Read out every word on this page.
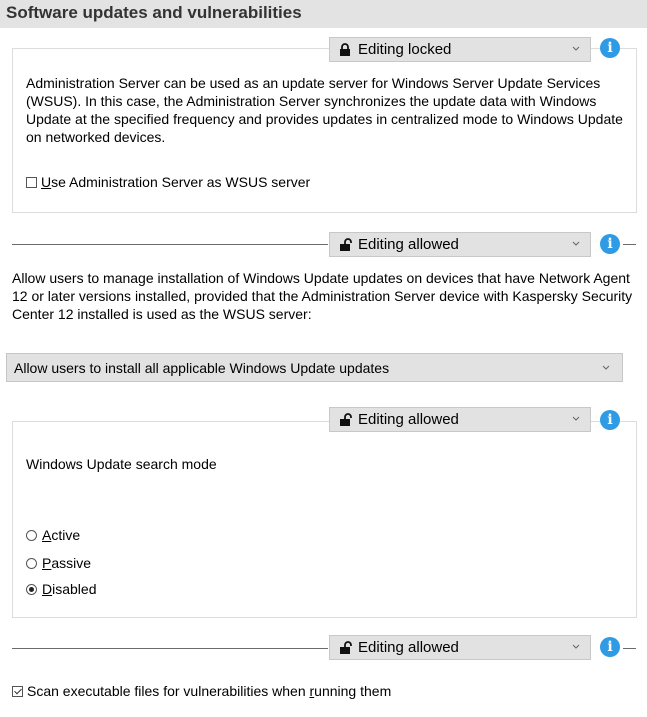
Software updates and vulnerabilities
Editing locked	i
Administration Server can be used as an update server for Windows Server Update Services (WSUS). In this case, the Administration Server synchronizes the update data with Windows Update at the specified frequency and provides updates in centralized mode to Windows Update on networked devices.
Use Administration Server as WSUS server
Editing allowed	i
Allow users to manage installation of Windows Update updates on devices that have Network Agent 12 or later versions installed, provided that the Administration Server device with Kaspersky Security Center 12 installed is used as the WSUS server:
Allow users to install all applicable Windows Update updates
Editing allowed	i
Windows Update search mode
Active
Passive
Disabled
Editing allowed	i
Scan executable files for vulnerabilities when running them
